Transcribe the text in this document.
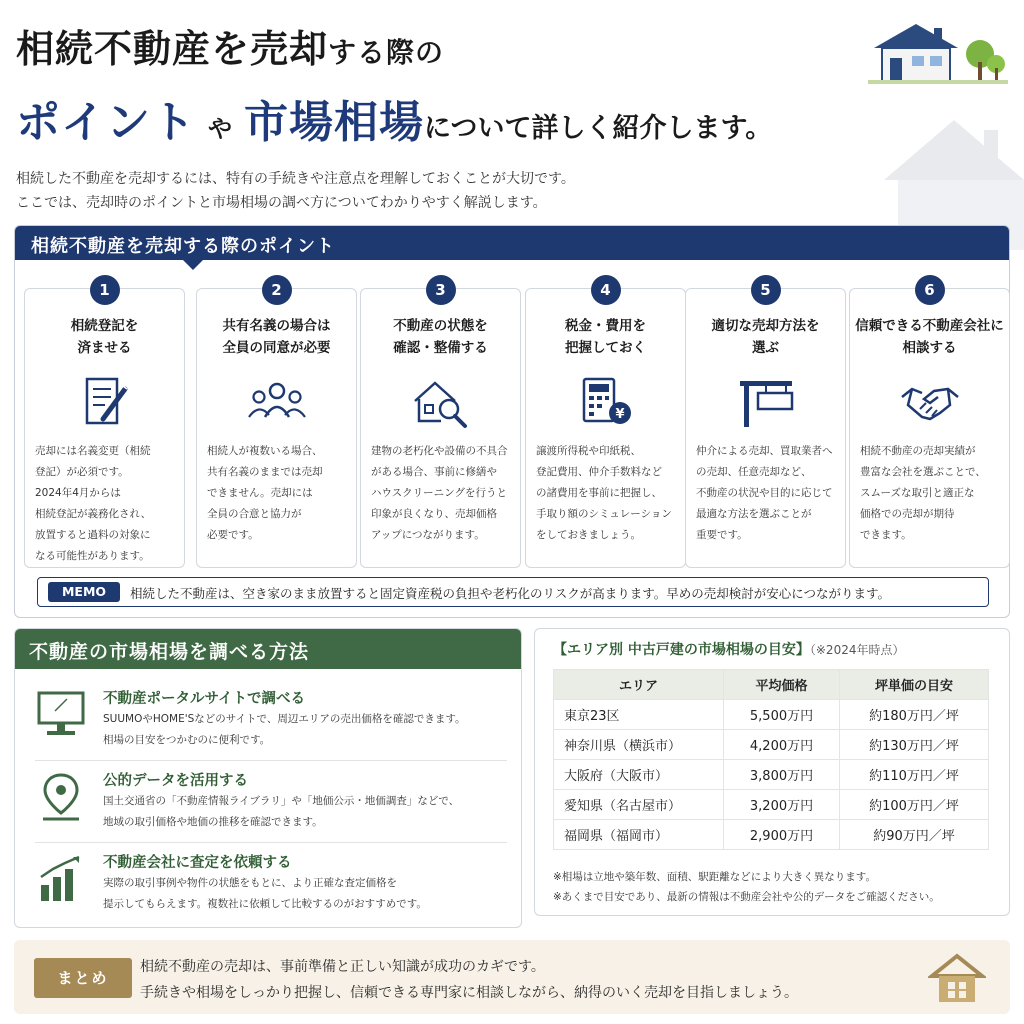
相続不動産を売却する際の
ポイント や 市場相場について詳しく紹介します。
相続した不動産を売却するには、特有の手続きや注意点を理解しておくことが大切です。
ここでは、売却時のポイントと市場相場の調べ方についてわかりやすく解説します。
相続不動産を売却する際のポイント
1
相続登記を
済ませる
売却には名義変更（相続
登記）が必須です。
2024年4月からは
相続登記が義務化され、
放置すると過料の対象に
なる可能性があります。
2
共有名義の場合は
全員の同意が必要
相続人が複数いる場合、
共有名義のままでは売却
できません。売却には
全員の合意と協力が
必要です。
3
不動産の状態を
確認・整備する
建物の老朽化や設備の不具合
がある場合、事前に修繕や
ハウスクリーニングを行うと
印象が良くなり、売却価格
アップにつながります。
4
税金・費用を
把握しておく
¥
譲渡所得税や印紙税、
登記費用、仲介手数料など
の諸費用を事前に把握し、
手取り額のシミュレーション
をしておきましょう。
5
適切な売却方法を
選ぶ
仲介による売却、買取業者へ
の売却、任意売却など、
不動産の状況や目的に応じて
最適な方法を選ぶことが
重要です。
6
信頼できる不動産会社に
相談する
相続不動産の売却実績が
豊富な会社を選ぶことで、
スムーズな取引と適正な
価格での売却が期待
できます。
MEMO	相続した不動産は、空き家のまま放置すると固定資産税の負担や老朽化のリスクが高まります。早めの売却検討が安心につながります。
不動産の市場相場を調べる方法
不動産ポータルサイトで調べる
SUUMOやHOME'Sなどのサイトで、周辺エリアの売出価格を確認できます。
相場の目安をつかむのに便利です。
公的データを活用する
国土交通省の「不動産情報ライブラリ」や「地価公示・地価調査」などで、
地域の取引価格や地価の推移を確認できます。
不動産会社に査定を依頼する
実際の取引事例や物件の状態をもとに、より正確な査定価格を
提示してもらえます。複数社に依頼して比較するのがおすすめです。
【エリア別 中古戸建の市場相場の目安】（※2024年時点）
エリア	平均価格	坪単価の目安
東京23区	5,500万円	約180万円／坪
神奈川県（横浜市）	4,200万円	約130万円／坪
大阪府（大阪市）	3,800万円	約110万円／坪
愛知県（名古屋市）	3,200万円	約100万円／坪
福岡県（福岡市）	2,900万円	約90万円／坪
※相場は立地や築年数、面積、駅距離などにより大きく異なります。
※あくまで目安であり、最新の情報は不動産会社や公的データをご確認ください。
まとめ
相続不動産の売却は、事前準備と正しい知識が成功のカギです。
手続きや相場をしっかり把握し、信頼できる専門家に相談しながら、納得のいく売却を目指しましょう。
